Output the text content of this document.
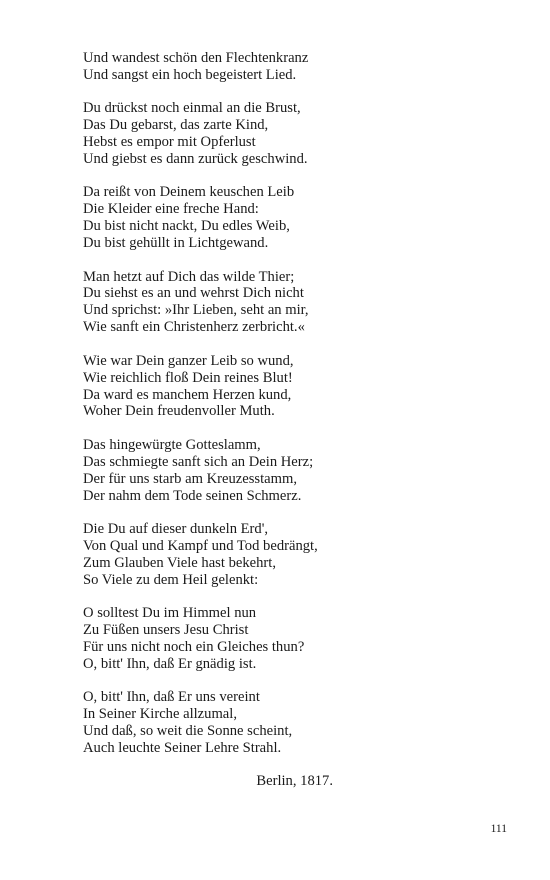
Und wandest schön den Flechtenkranz
Und sangst ein hoch begeistert Lied.
Du drückst noch einmal an die Brust,
Das Du gebarst, das zarte Kind,
Hebst es empor mit Opferlust
Und giebst es dann zurück geschwind.
Da reißt von Deinem keuschen Leib
Die Kleider eine freche Hand:
Du bist nicht nackt, Du edles Weib,
Du bist gehüllt in Lichtgewand.
Man hetzt auf Dich das wilde Thier;
Du siehst es an und wehrst Dich nicht
Und sprichst: »Ihr Lieben, seht an mir,
Wie sanft ein Christenherz zerbricht.«
Wie war Dein ganzer Leib so wund,
Wie reichlich floß Dein reines Blut!
Da ward es manchem Herzen kund,
Woher Dein freudenvoller Muth.
Das hingewürgte Gotteslamm,
Das schmiegte sanft sich an Dein Herz;
Der für uns starb am Kreuzesstamm,
Der nahm dem Tode seinen Schmerz.
Die Du auf dieser dunkeln Erd',
Von Qual und Kampf und Tod bedrängt,
Zum Glauben Viele hast bekehrt,
So Viele zu dem Heil gelenkt:
O solltest Du im Himmel nun
Zu Füßen unsers Jesu Christ
Für uns nicht noch ein Gleiches thun?
O, bitt' Ihn, daß Er gnädig ist.
O, bitt' Ihn, daß Er uns vereint
In Seiner Kirche allzumal,
Und daß, so weit die Sonne scheint,
Auch leuchte Seiner Lehre Strahl.
Berlin, 1817.
111
